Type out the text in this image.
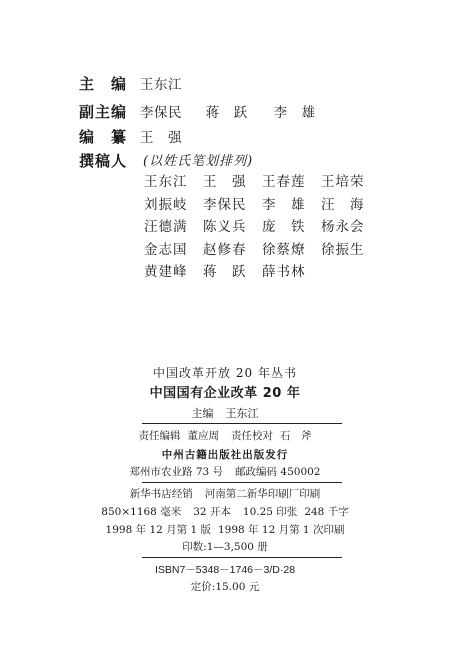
主　编 王东江
副主编 李保民 蒋　跃 李　雄
编　纂 王　强
撰稿人 (以姓氏笔划排列)
王东江 王　强 王春莲 王培荣
刘振岐 李保民 李　雄 汪　海
汪德满 陈义兵 庞　铁 杨永会
金志国 赵修春 徐蔡燎 徐振生
黄建峰 蒋　跃 薛书林
中国改革开放 20 年丛书
中国国有企业改革 20 年
主编 王东江
责任编辑 董应周 责任校对 石　斧
中州古籍出版社出版发行
郑州市农业路 73 号 邮政编码 450002
新华书店经销 河南第二新华印刷厂印刷
850×1168 毫米 32 开本 10.25 印张 248 千字
1998 年 12 月第 1 版 1998 年 12 月第 1 次印刷
印数:1—3,500 册
ISBN7－5348－1746－3/D·28
定价:15.00 元
